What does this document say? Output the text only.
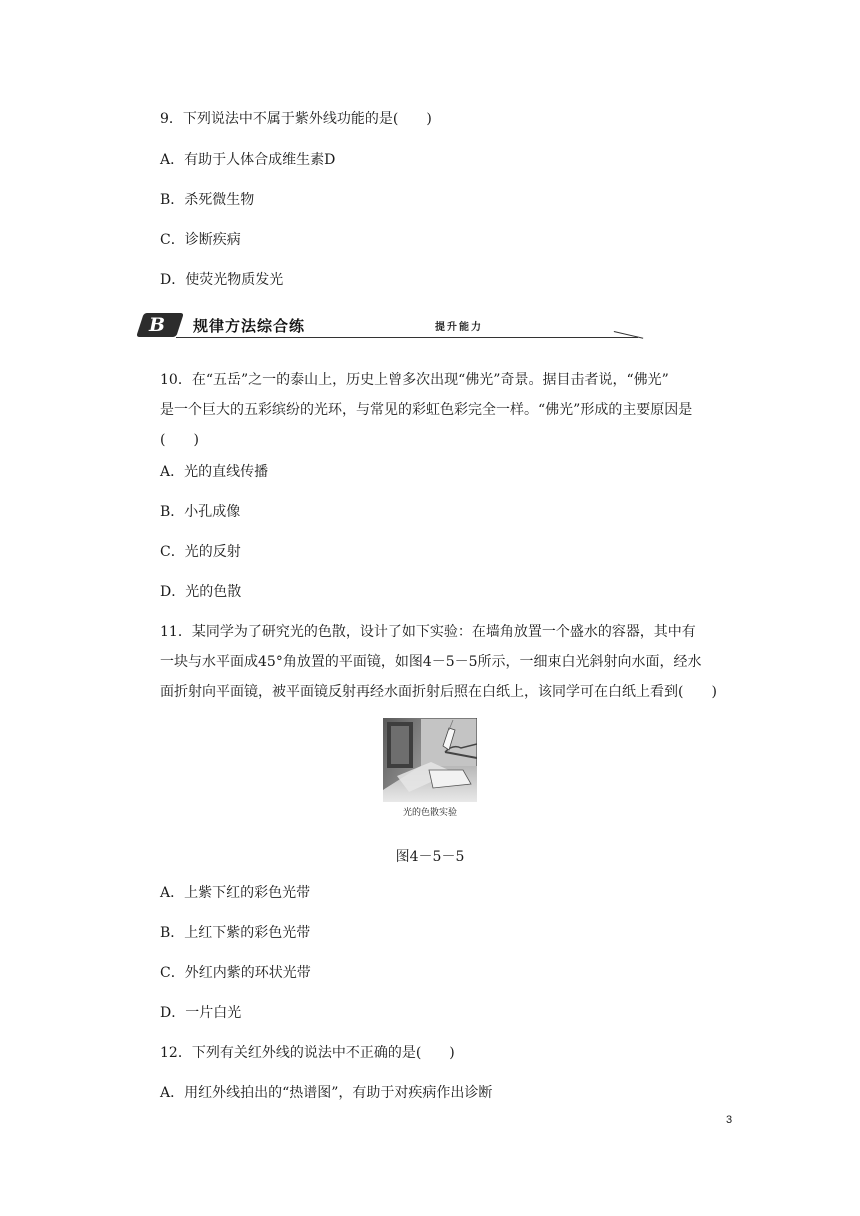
9．下列说法中不属于紫外线功能的是(　　)
A．有助于人体合成维生素D
B．杀死微生物
C．诊断疾病
D．使荧光物质发光
B 规律方法综合练	提升能力
10．在“五岳”之一的泰山上，历史上曾多次出现“佛光”奇景。据目击者说，“佛光”
是一个巨大的五彩缤纷的光环，与常见的彩虹色彩完全一样。“佛光”形成的主要原因是
(　　)
A．光的直线传播
B．小孔成像
C．光的反射
D．光的色散
11．某同学为了研究光的色散，设计了如下实验：在墙角放置一个盛水的容器，其中有
一块与水平面成45°角放置的平面镜，如图4－5－5所示，一细束白光斜射向水面，经水
面折射向平面镜，被平面镜反射再经水面折射后照在白纸上，该同学可在白纸上看到(　　)
光的色散实验
图4－5－5
A．上紫下红的彩色光带
B．上红下紫的彩色光带
C．外红内紫的环状光带
D．一片白光
12．下列有关红外线的说法中不正确的是(　　)
A．用红外线拍出的“热谱图”，有助于对疾病作出诊断
3
